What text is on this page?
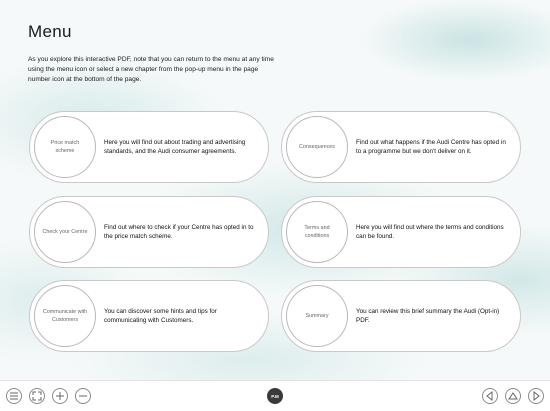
Menu
As you explore this interactive PDF, note that you can return to the menu at any time using the menu icon or select a new chapter from the pop-up menu in the page number icon at the bottom of the page.
Price match scheme
Here you will find out about trading and advertising standards, and the Audi consumer agreements.
Consequences
Find out what happens if the Audi Centre has opted in to a programme but we don't deliver on it.
Check your Centre
Find out where to check if your Centre has opted in to the price match scheme.
Terms and conditions
Here you will find out where the terms and conditions can be found.
Communicate with Customers
You can discover some hints and tips for communicating with Customers.
Summary
You can review this brief summary the Audi (Opt-in) PDF.
P.M
